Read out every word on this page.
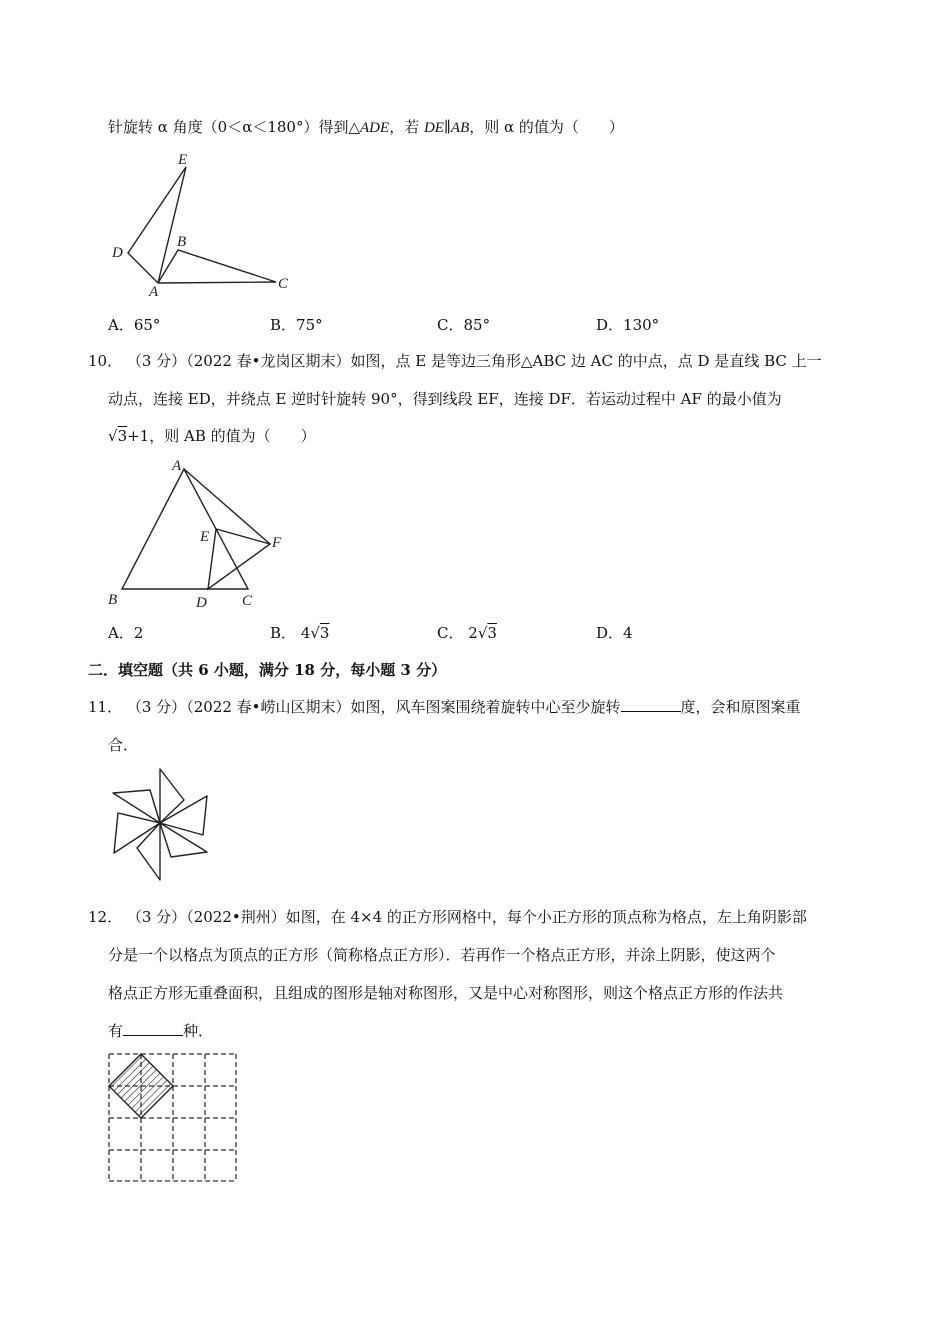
针旋转 α 角度（0＜α＜180°）得到△ADE，若 DE∥AB，则 α 的值为（　　）
E
D
B
A	C
A．65°	B．75°	C．85°	D．130°
10． （3 分）（2022 春•龙岗区期末）如图，点 E 是等边三角形△ABC 边 AC 的中点，点 D 是直线 BC 上一
动点，连接 ED，并绕点 E 逆时针旋转 90°，得到线段 EF，连接 DF．若运动过程中 AF 的最小值为
√3+1，则 AB 的值为（　　）
A
E	F
B	D C
A．2	B． 4√3	C． 2√3	D．4
二．填空题（共 6 小题，满分 18 分，每小题 3 分）
11． （3 分）（2022 春•崂山区期末）如图，风车图案围绕着旋转中心至少旋转	度，会和原图案重
合．
12． （3 分）（2022•荆州）如图，在 4×4 的正方形网格中，每个小正方形的顶点称为格点，左上角阴影部
分是一个以格点为顶点的正方形（简称格点正方形）．若再作一个格点正方形，并涂上阴影，使这两个
格点正方形无重叠面积，且组成的图形是轴对称图形，又是中心对称图形，则这个格点正方形的作法共
有	种．
